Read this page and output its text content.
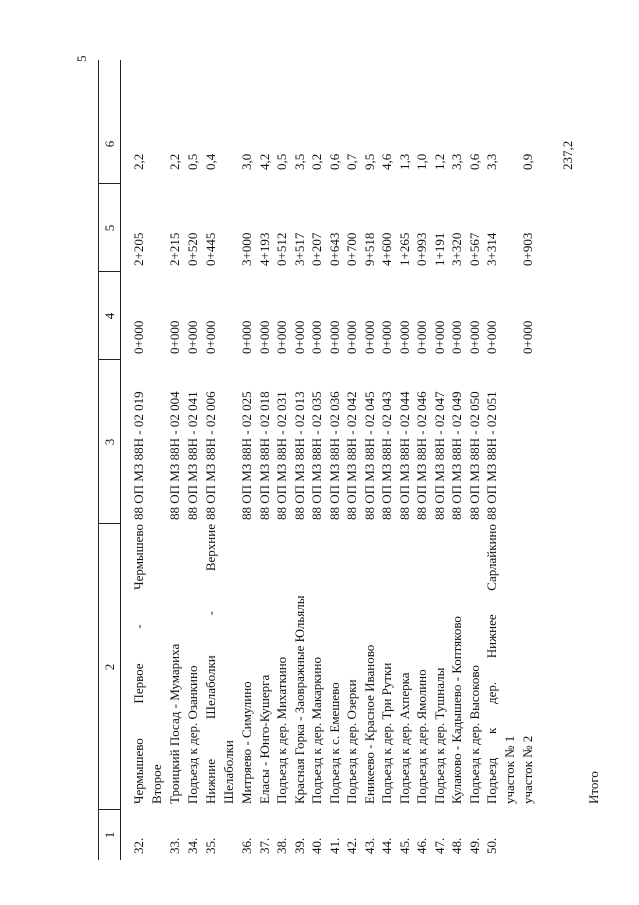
5
1
2
3
4
5
6
32.
Чермышево
Первое
-
Чермышево
Второе
88 ОП МЗ 88Н - 02 019
0+000
2+205
2,2
33.
Троицкий Посад - Мумариха
88 ОП МЗ 88Н - 02 004
0+000
2+215
2,2
34.
Подъезд к дер. Озанкино
88 ОП МЗ 88Н - 02 041
0+000
0+520
0,5
35.
Нижние
Шелаболки
-
Верхние
Шелаболки
88 ОП МЗ 88Н - 02 006
0+000
0+445
0,4
36.
Митряево - Симулино
88 ОП МЗ 88Н - 02 025
0+000
3+000
3,0
37.
Еласы - Юнго-Кушерга
88 ОП МЗ 88Н - 02 018
0+000
4+193
4,2
38.
Подъезд к дер. Михаткино
88 ОП МЗ 88Н - 02 031
0+000
0+512
0,5
39.
Красная Горка - Заовражные Юльялы
88 ОП МЗ 88Н - 02 013
0+000
3+517
3,5
40.
Подъезд к дер. Макаркино
88 ОП МЗ 88Н - 02 035
0+000
0+207
0,2
41.
Подъезд к с. Емешево
88 ОП МЗ 88Н - 02 036
0+000
0+643
0,6
42.
Подъезд к дер. Озерки
88 ОП МЗ 88Н - 02 042
0+000
0+700
0,7
43.
Еникеево - Красное Иваново
88 ОП МЗ 88Н - 02 045
0+000
9+518
9,5
44.
Подъезд к дер. Три Рутки
88 ОП МЗ 88Н - 02 043
0+000
4+600
4,6
45.
Подъезд к дер. Ахперка
88 ОП МЗ 88Н - 02 044
0+000
1+265
1,3
46.
Подъезд к дер. Ямолино
88 ОП МЗ 88Н - 02 046
0+000
0+993
1,0
47.
Подъезд к дер. Тушналы
88 ОП МЗ 88Н - 02 047
0+000
1+191
1,2
48.
Кулаково - Кадышево - Коптяково
88 ОП МЗ 88Н - 02 049
0+000
3+320
3,3
49.
Подъезд к дер. Высоково
88 ОП МЗ 88Н - 02 050
0+000
0+567
0,6
50.
Подъезд
к
дер.
Нижнее
Сарлайкино
88 ОП МЗ 88Н - 02 051
0+000
3+314
3,3
участок № 1 участок № 2
0+000
0+903
0,9
Итого
237,2
